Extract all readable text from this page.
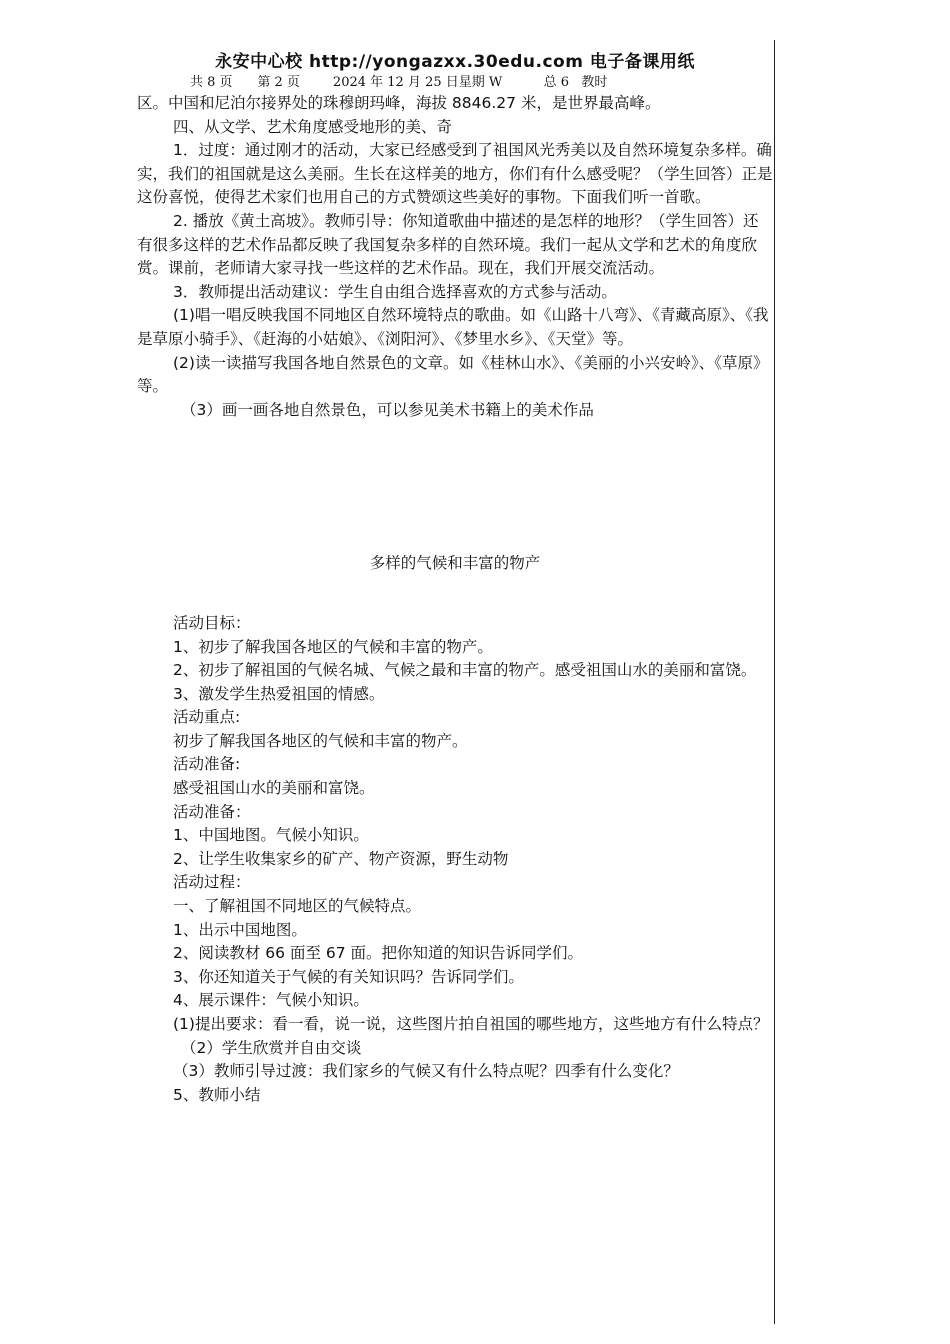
永安中心校 http://yongazxx.30edu.com 电子备课用纸
共 8 页      第 2 页        2024 年 12 月 25 日星期 W          总 6   教时

区。中国和尼泊尔接界处的珠穆朗玛峰，海拔 8846.27 米，是世界最高峰。

四、从文学、艺术角度感受地形的美、奇

1．过度：通过刚才的活动，大家已经感受到了祖国风光秀美以及自然环境复杂多样。确实，我们的祖国就是这么美丽。生长在这样美的地方，你们有什么感受呢？（学生回答）正是这份喜悦，使得艺术家们也用自己的方式赞颂这些美好的事物。下面我们听一首歌。

2. 播放《黄土高坡》。教师引导：你知道歌曲中描述的是怎样的地形？（学生回答）还有很多这样的艺术作品都反映了我国复杂多样的自然环境。我们一起从文学和艺术的角度欣赏。课前，老师请大家寻找一些这样的艺术作品。现在，我们开展交流活动。

3．教师提出活动建议：学生自由组合选择喜欢的方式参与活动。

(1)唱一唱反映我国不同地区自然环境特点的歌曲。如《山路十八弯》、《青藏高原》、《我是草原小骑手》、《赶海的小姑娘》、《浏阳河》、《梦里水乡》、《天堂》等。

(2)读一读描写我国各地自然景色的文章。如《桂林山水》、《美丽的小兴安岭》、《草原》等。

（3）画一画各地自然景色，可以参见美术书籍上的美术作品

多样的气候和丰富的物产

活动目标：

1、初步了解我国各地区的气候和丰富的物产。

2、初步了解祖国的气候名城、气候之最和丰富的物产。感受祖国山水的美丽和富饶。

3、激发学生热爱祖国的情感。

活动重点:

初步了解我国各地区的气候和丰富的物产。

活动准备:

感受祖国山水的美丽和富饶。

活动准备：

1、中国地图。气候小知识。

2、让学生收集家乡的矿产、物产资源，野生动物

活动过程：

一、了解祖国不同地区的气候特点。

1、出示中国地图。

2、阅读教材 66 面至 67 面。把你知道的知识告诉同学们。

3、你还知道关于气候的有关知识吗？告诉同学们。

4、展示课件：气候小知识。

(1)提出要求：看一看，说一说，这些图片拍自祖国的哪些地方，这些地方有什么特点？

（2）学生欣赏并自由交谈

（3）教师引导过渡：我们家乡的气候又有什么特点呢？四季有什么变化？

5、教师小结
